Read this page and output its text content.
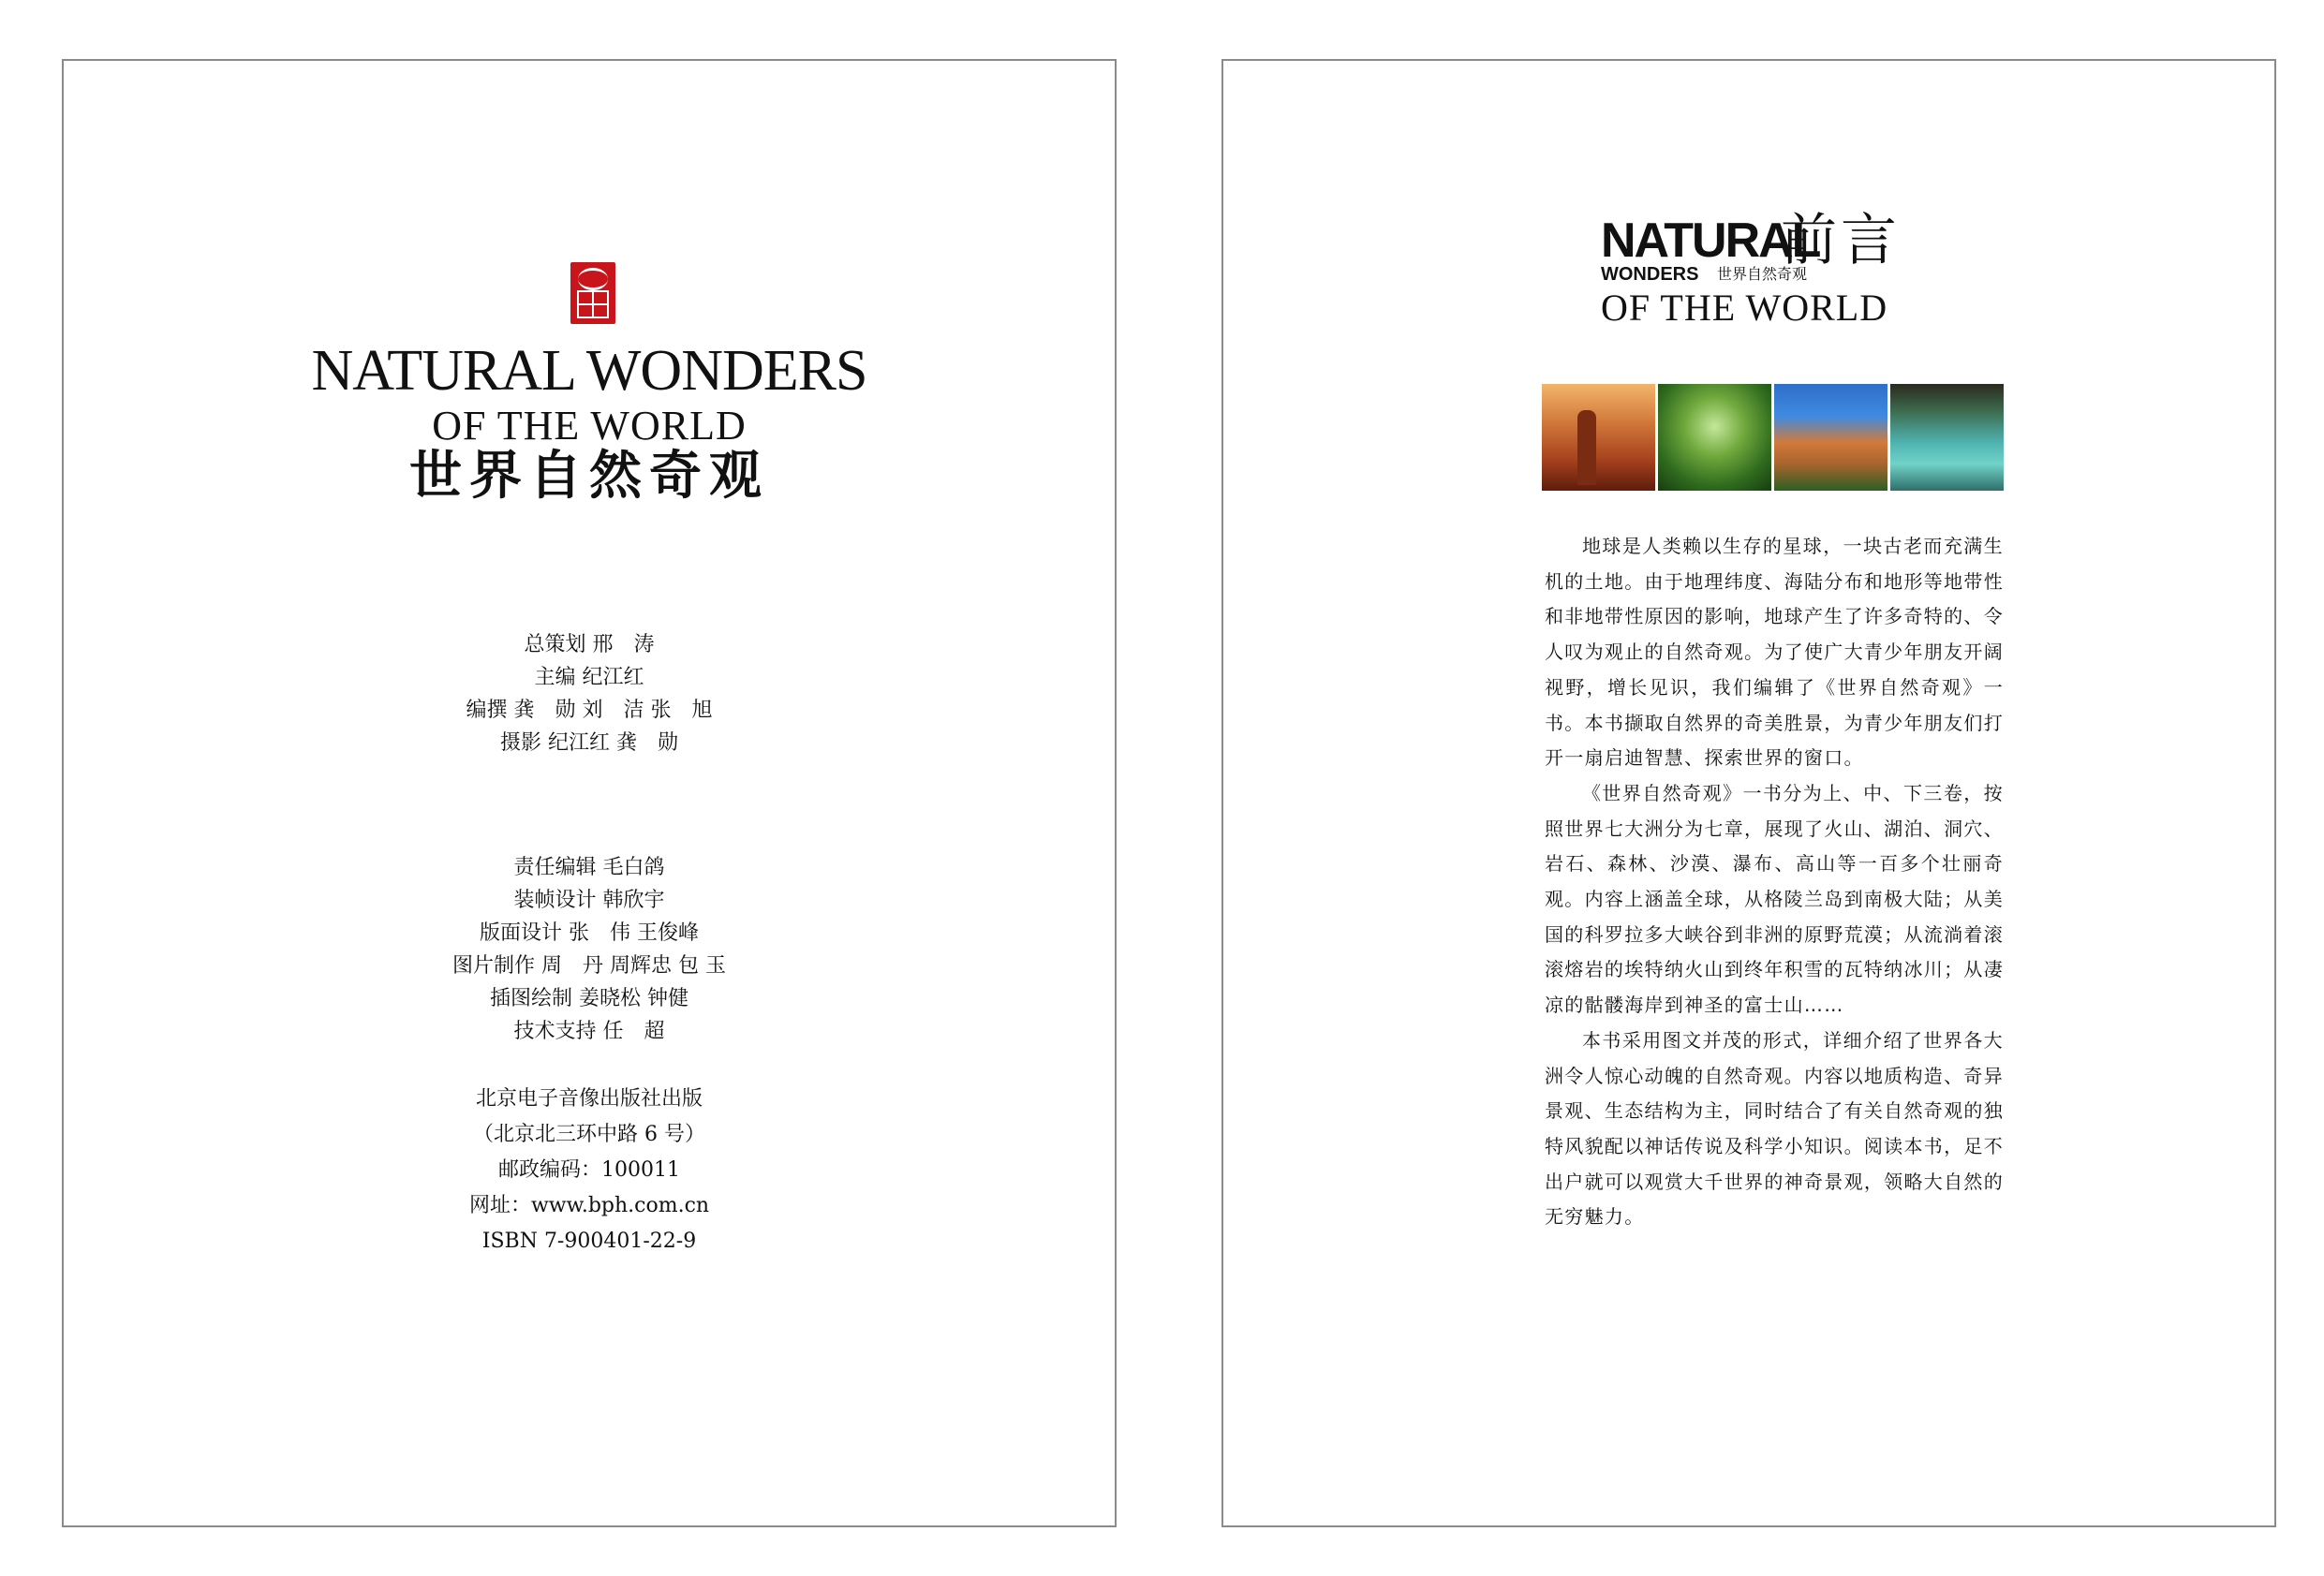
NATURAL WONDERS
OF THE WORLD
世界自然奇观
总策划 邢　涛
主编 纪江红
编撰 龚　勋 刘　洁 张　旭
摄影 纪江红 龚　勋
责任编辑 毛白鸽
装帧设计 韩欣宇
版面设计 张　伟 王俊峰
图片制作 周　丹 周辉忠 包 玉
插图绘制 姜晓松 钟健
技术支持 任　超
北京电子音像出版社出版
（北京北三环中路 6 号）
邮政编码：100011
网址：www.bph.com.cn
ISBN 7-900401-22-9
NATURAL
前言
WONDERS 世界自然奇观
OF THE WORLD

地球是人类赖以生存的星球，一块古老而充满生机的土地。由于地理纬度、海陆分布和地形等地带性和非地带性原因的影响，地球产生了许多奇特的、令人叹为观止的自然奇观。为了使广大青少年朋友开阔视野，增长见识，我们编辑了《世界自然奇观》一书。本书撷取自然界的奇美胜景，为青少年朋友们打开一扇启迪智慧、探索世界的窗口。

《世界自然奇观》一书分为上、中、下三卷，按照世界七大洲分为七章，展现了火山、湖泊、洞穴、岩石、森林、沙漠、瀑布、高山等一百多个壮丽奇观。内容上涵盖全球，从格陵兰岛到南极大陆；从美国的科罗拉多大峡谷到非洲的原野荒漠；从流淌着滚滚熔岩的埃特纳火山到终年积雪的瓦特纳冰川；从凄凉的骷髅海岸到神圣的富士山……

本书采用图文并茂的形式，详细介绍了世界各大洲令人惊心动魄的自然奇观。内容以地质构造、奇异景观、生态结构为主，同时结合了有关自然奇观的独特风貌配以神话传说及科学小知识。阅读本书，足不出户就可以观赏大千世界的神奇景观，领略大自然的无穷魅力。
